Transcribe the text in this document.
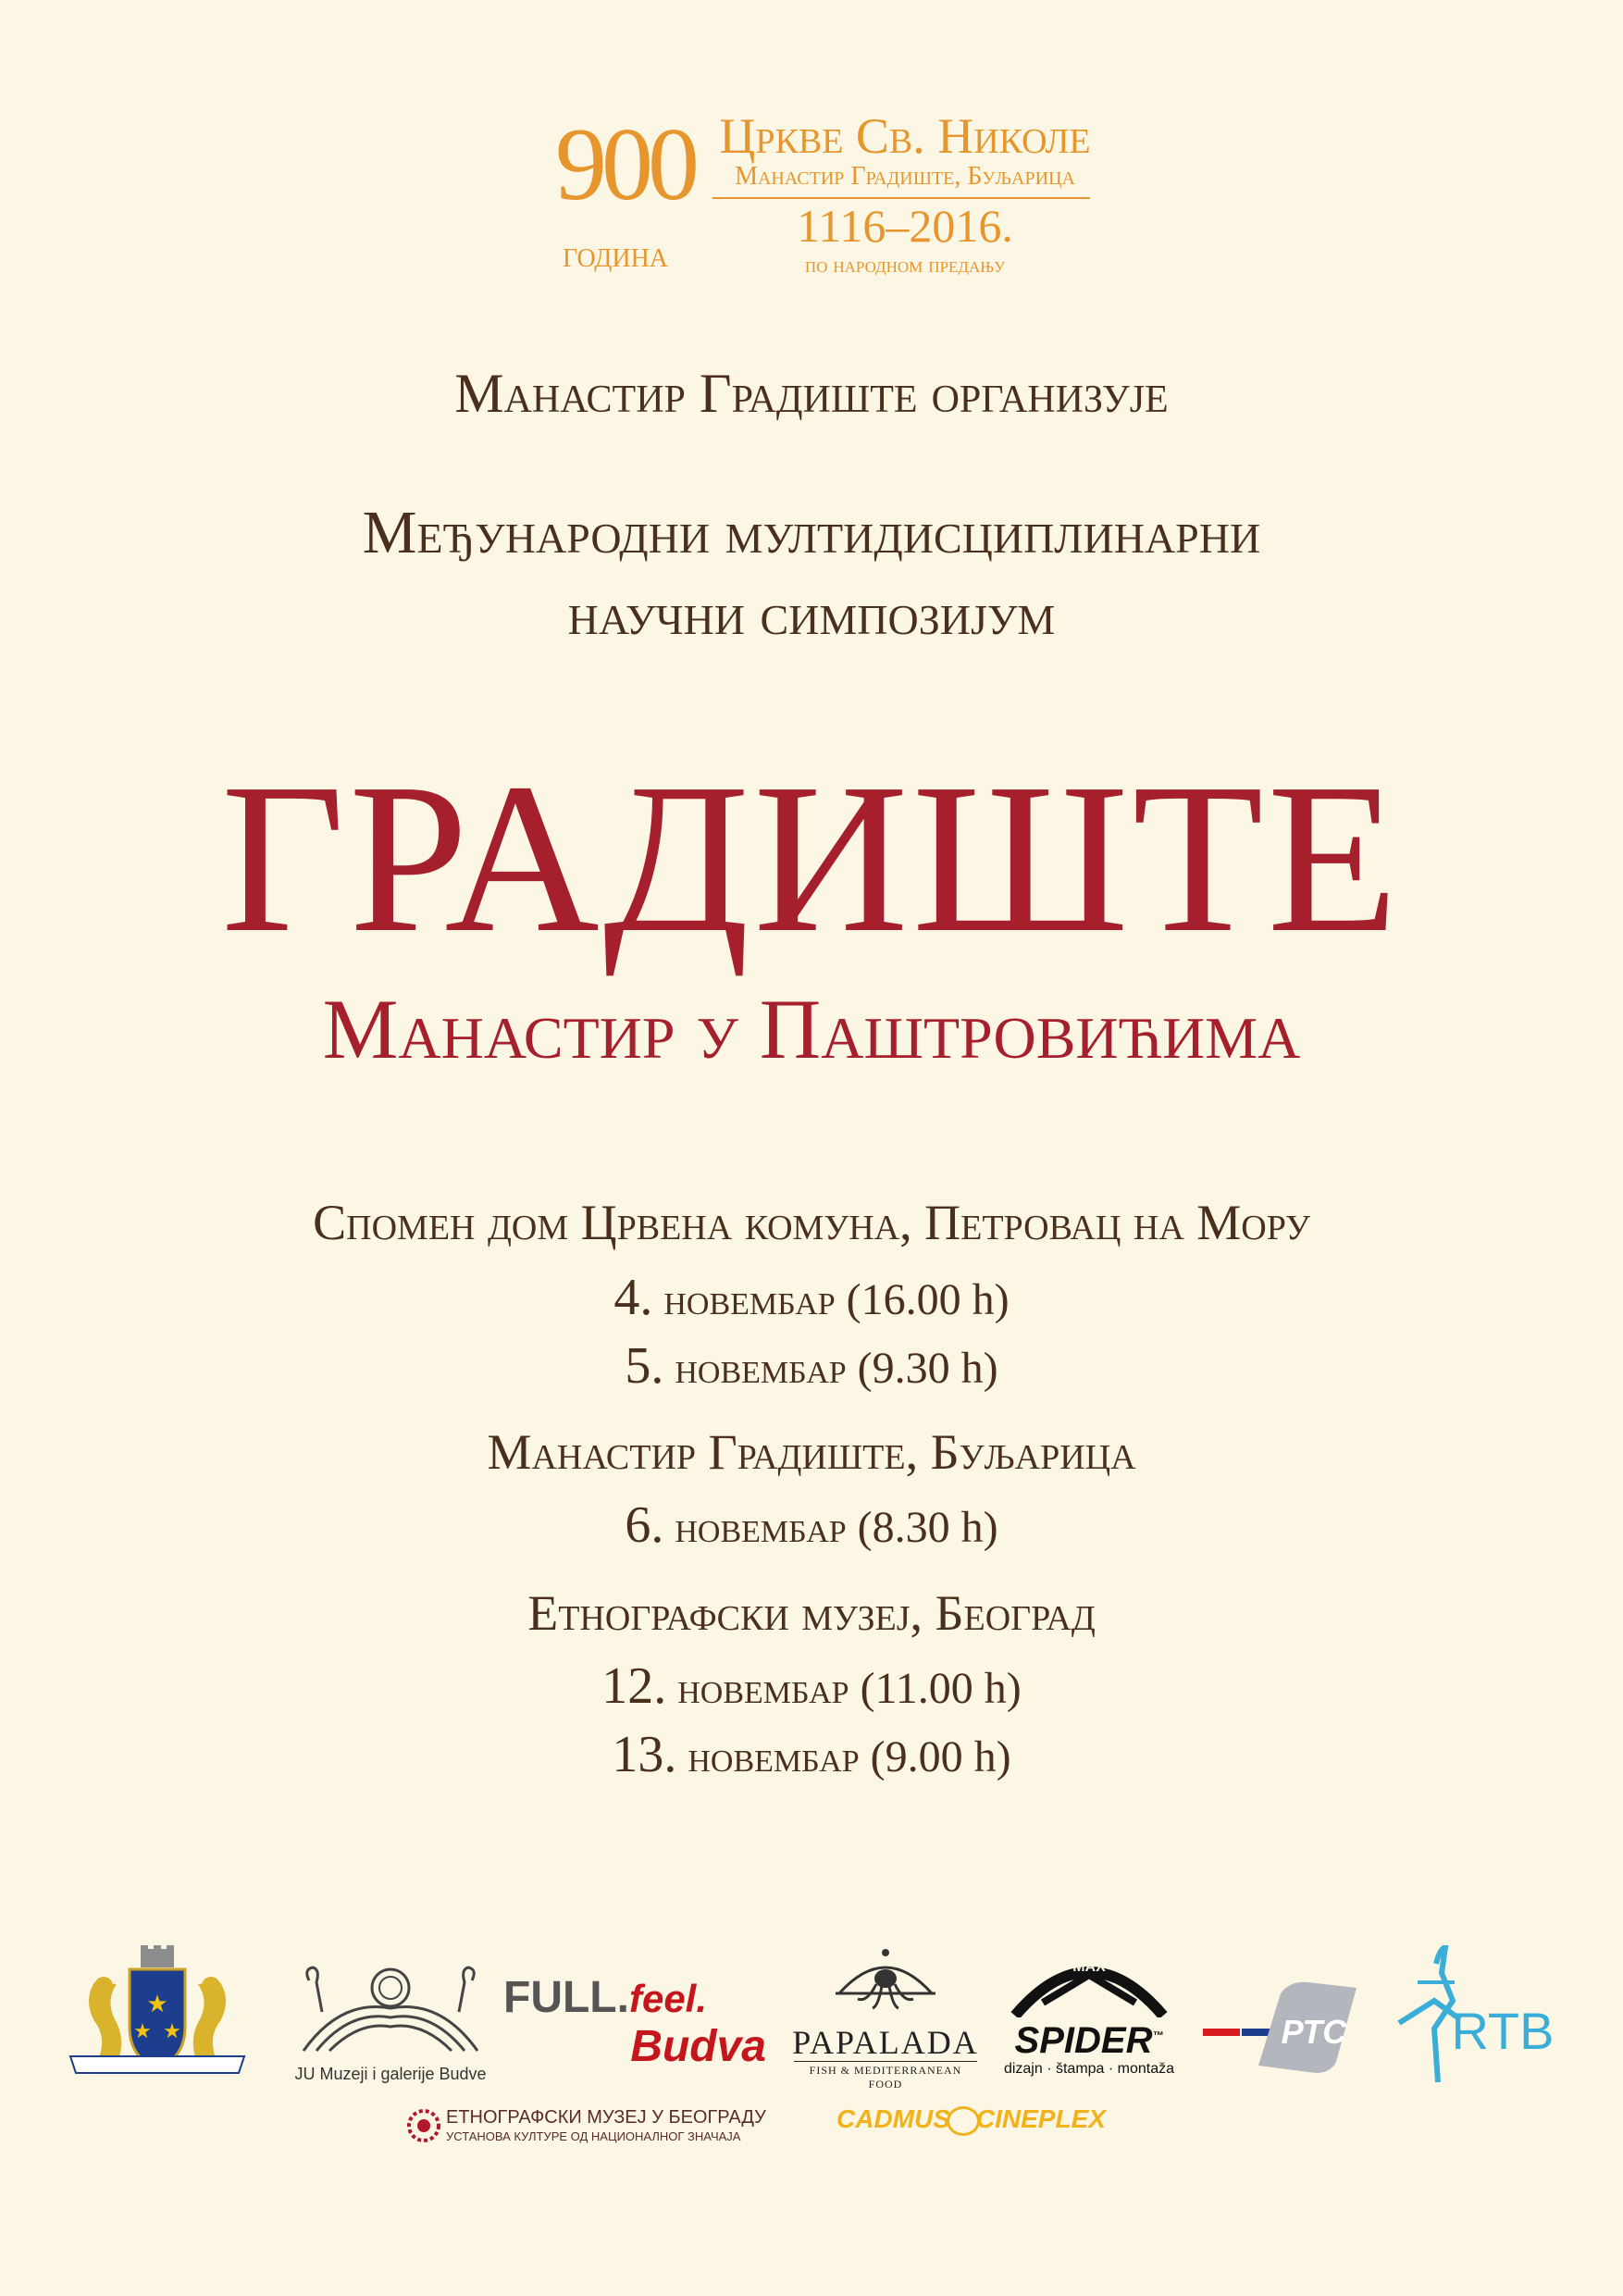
900
година
Цркве Св. Николе
Манастир Градиште, Буљарица
1116–2016.
по народном предању
Манастир Градиште организује
Међународни мултидисциплинарни
научни симпозијум
ГРАДИШТЕ
Манастир у Паштровићима
Спомен дом Црвена комуна, Петровац на Мору
4. новембар (16.00 h)
5. новембар (9.30 h)
Манастир Градиште, Буљарица
6. новембар (8.30 h)
Етнографски музеј, Београд
12. новембар (11.00 h)
13. новембар (9.00 h)
★
★ ★
JU Muzeji i galerije Budve
FULL.feel.
Budva PAPALADA
FISH & MEDITERRANEAN FOOD
MAX
SPIDER™
dizajn · štampa · montaža
РТС RTB
ЕТНОГРАФСКИ МУЗЕЈ У БЕОГРАДУ
УСТАНОВА КУЛТУРЕ ОД НАЦИОНАЛНОГ ЗНАЧАЈА
CADMUS CINEPLEX
